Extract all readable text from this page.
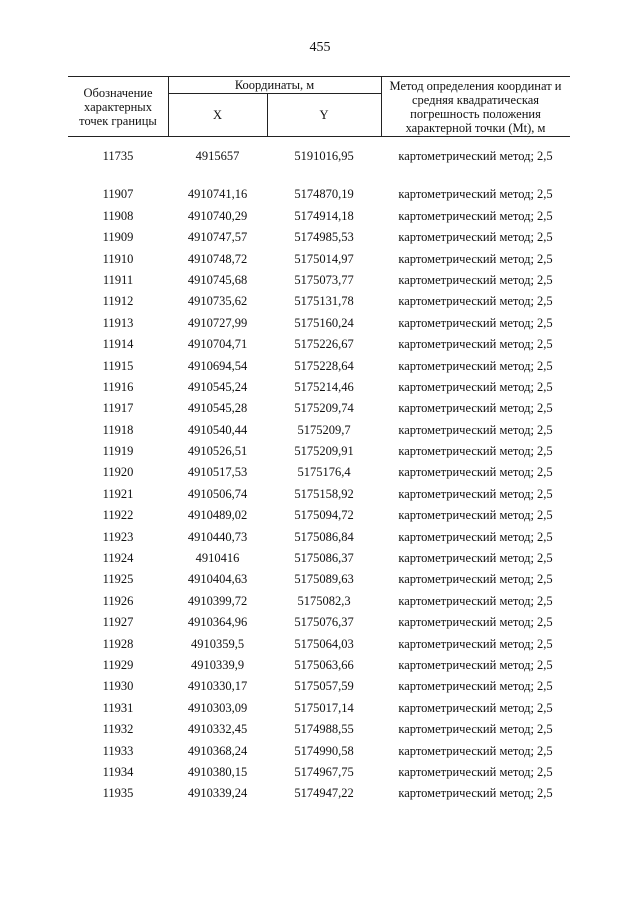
455
Обозначение характерных точек границы
Координаты, м
X	Y
Метод определения координат и средняя квадратическая погрешность положения характерной точки (Mt), м
11735	4915657	5191016,95	картометрический метод; 2,5
11907	4910741,16	5174870,19	картометрический метод; 2,5
11908	4910740,29	5174914,18	картометрический метод; 2,5
11909	4910747,57	5174985,53	картометрический метод; 2,5
11910	4910748,72	5175014,97	картометрический метод; 2,5
11911	4910745,68	5175073,77	картометрический метод; 2,5
11912	4910735,62	5175131,78	картометрический метод; 2,5
11913	4910727,99	5175160,24	картометрический метод; 2,5
11914	4910704,71	5175226,67	картометрический метод; 2,5
11915	4910694,54	5175228,64	картометрический метод; 2,5
11916	4910545,24	5175214,46	картометрический метод; 2,5
11917	4910545,28	5175209,74	картометрический метод; 2,5
11918	4910540,44	5175209,7	картометрический метод; 2,5
11919	4910526,51	5175209,91	картометрический метод; 2,5
11920	4910517,53	5175176,4	картометрический метод; 2,5
11921	4910506,74	5175158,92	картометрический метод; 2,5
11922	4910489,02	5175094,72	картометрический метод; 2,5
11923	4910440,73	5175086,84	картометрический метод; 2,5
11924	4910416	5175086,37	картометрический метод; 2,5
11925	4910404,63	5175089,63	картометрический метод; 2,5
11926	4910399,72	5175082,3	картометрический метод; 2,5
11927	4910364,96	5175076,37	картометрический метод; 2,5
11928	4910359,5	5175064,03	картометрический метод; 2,5
11929	4910339,9	5175063,66	картометрический метод; 2,5
11930	4910330,17	5175057,59	картометрический метод; 2,5
11931	4910303,09	5175017,14	картометрический метод; 2,5
11932	4910332,45	5174988,55	картометрический метод; 2,5
11933	4910368,24	5174990,58	картометрический метод; 2,5
11934	4910380,15	5174967,75	картометрический метод; 2,5
11935	4910339,24	5174947,22	картометрический метод; 2,5
